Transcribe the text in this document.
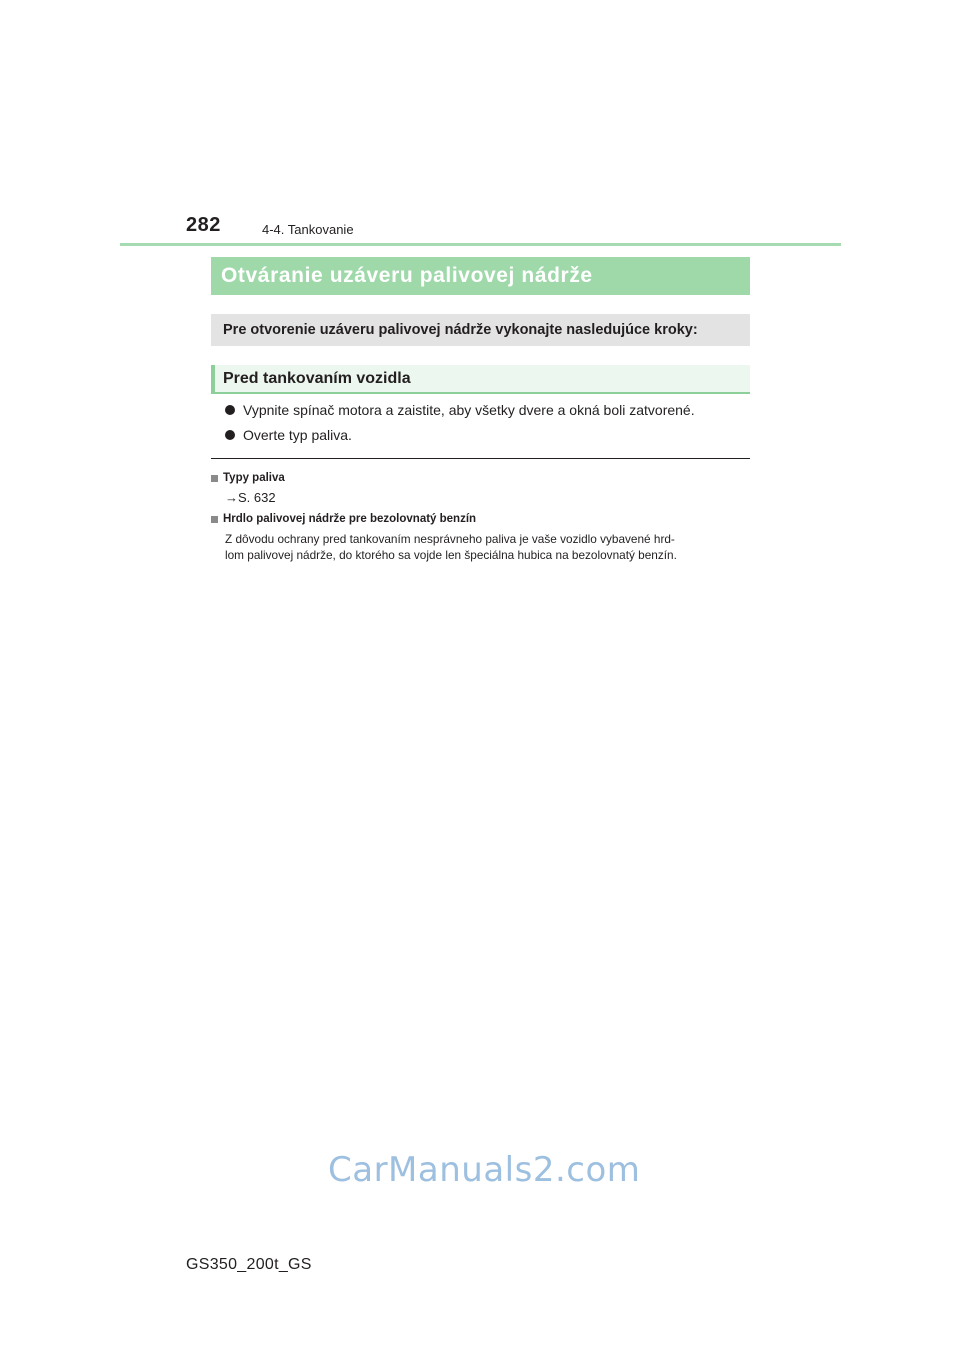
282	4-4. Tankovanie
Otváranie uzáveru palivovej nádrže
Pre otvorenie uzáveru palivovej nádrže vykonajte nasledujúce kroky:
Pred tankovaním vozidla
Vypnite spínač motora a zaistite, aby všetky dvere a okná boli zatvorené.
Overte typ paliva.
Typy paliva
→S. 632
Hrdlo palivovej nádrže pre bezolovnatý benzín
Z dôvodu ochrany pred tankovaním nesprávneho paliva je vaše vozidlo vybavené hrd-
lom palivovej nádrže, do ktorého sa vojde len špeciálna hubica na bezolovnatý benzín.
CarManuals2.com
GS350_200t_GS
